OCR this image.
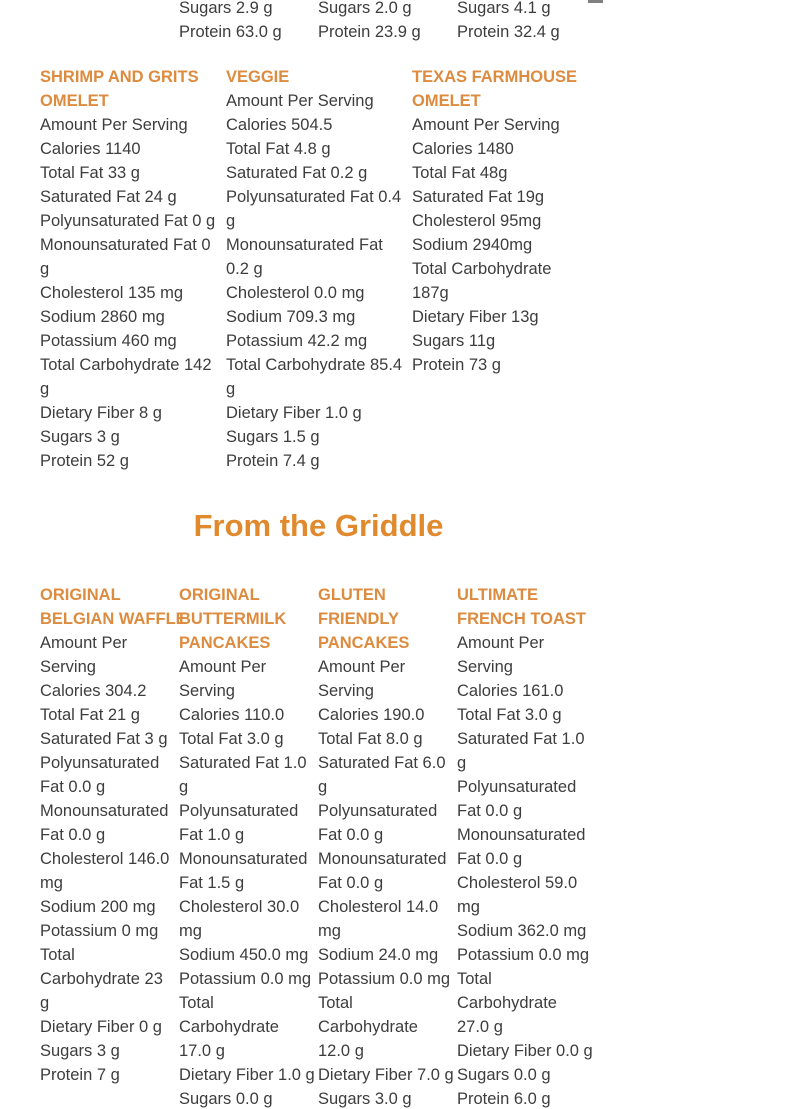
Sugars 2.9 g
Protein 63.0 g
Sugars 2.0 g
Protein 23.9 g
Sugars 4.1 g
Protein 32.4 g
SHRIMP AND GRITS
OMELET
Amount Per Serving
Calories 1140
Total Fat 33 g
Saturated Fat 24 g
Polyunsaturated Fat 0 g
Monounsaturated Fat 0
g
Cholesterol 135 mg
Sodium 2860 mg
Potassium 460 mg
Total Carbohydrate 142
g
Dietary Fiber 8 g
Sugars 3 g
Protein 52 g
VEGGIE
Amount Per Serving
Calories 504.5
Total Fat 4.8 g
Saturated Fat 0.2 g
Polyunsaturated Fat 0.4
g
Monounsaturated Fat
0.2 g
Cholesterol 0.0 mg
Sodium 709.3 mg
Potassium 42.2 mg
Total Carbohydrate 85.4
g
Dietary Fiber 1.0 g
Sugars 1.5 g
Protein 7.4 g
TEXAS FARMHOUSE
OMELET
Amount Per Serving
Calories 1480
Total Fat 48g
Saturated Fat 19g
Cholesterol 95mg
Sodium 2940mg
Total Carbohydrate
187g
Dietary Fiber 13g
Sugars 11g
Protein 73 g
From the Griddle
ORIGINAL
BELGIAN WAFFLE
Amount Per
Serving
Calories 304.2
Total Fat 21 g
Saturated Fat 3 g
Polyunsaturated
Fat 0.0 g
Monounsaturated
Fat 0.0 g
Cholesterol 146.0
mg
Sodium 200 mg
Potassium 0 mg
Total
Carbohydrate 23
g
Dietary Fiber 0 g
Sugars 3 g
Protein 7 g
ORIGINAL
BUTTERMILK
PANCAKES
Amount Per
Serving
Calories 110.0
Total Fat 3.0 g
Saturated Fat 1.0
g
Polyunsaturated
Fat 1.0 g
Monounsaturated
Fat 1.5 g
Cholesterol 30.0
mg
Sodium 450.0 mg
Potassium 0.0 mg
Total
Carbohydrate
17.0 g
Dietary Fiber 1.0 g
Sugars 0.0 g
GLUTEN
FRIENDLY
PANCAKES
Amount Per
Serving
Calories 190.0
Total Fat 8.0 g
Saturated Fat 6.0
g
Polyunsaturated
Fat 0.0 g
Monounsaturated
Fat 0.0 g
Cholesterol 14.0
mg
Sodium 24.0 mg
Potassium 0.0 mg
Total
Carbohydrate
12.0 g
Dietary Fiber 7.0 g
Sugars 3.0 g
ULTIMATE
FRENCH TOAST
Amount Per
Serving
Calories 161.0
Total Fat 3.0 g
Saturated Fat 1.0
g
Polyunsaturated
Fat 0.0 g
Monounsaturated
Fat 0.0 g
Cholesterol 59.0
mg
Sodium 362.0 mg
Potassium 0.0 mg
Total
Carbohydrate
27.0 g
Dietary Fiber 0.0 g
Sugars 0.0 g
Protein 6.0 g
